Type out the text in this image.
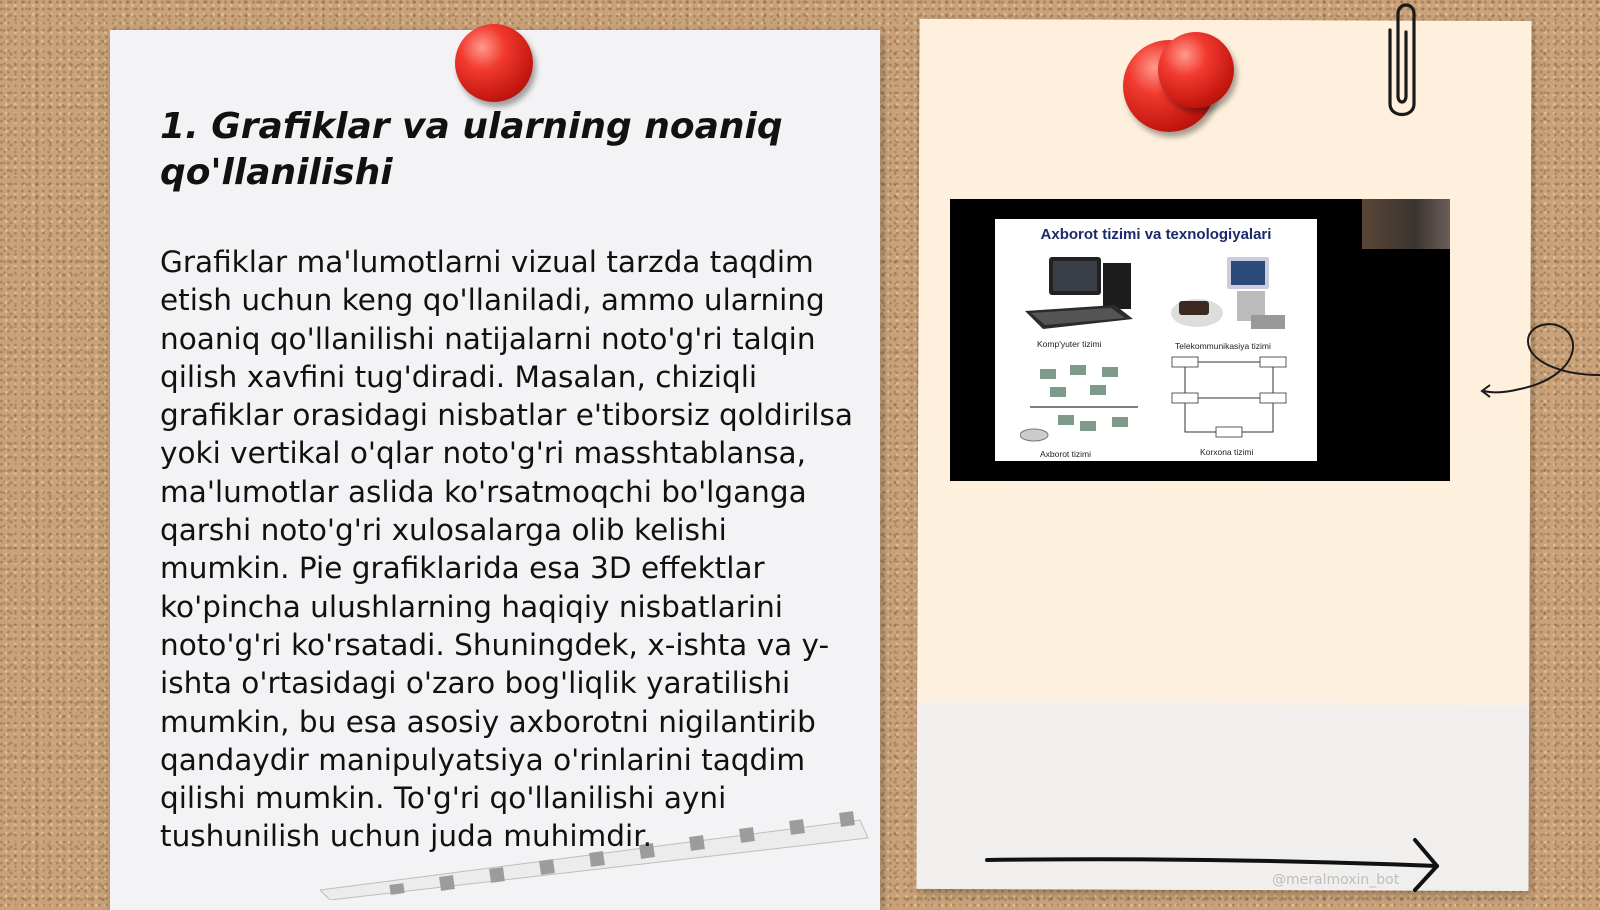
1. Grafiklar va ularning noaniq qo'llanilishi

Grafiklar ma'lumotlarni vizual tarzda taqdim etish uchun keng qo'llaniladi, ammo ularning noaniq qo'llanilishi natijalarni noto'g'ri talqin qilish xavfini tug'diradi. Masalan, chiziqli grafiklar orasidagi nisbatlar e'tiborsiz qoldirilsa yoki vertikal o'qlar noto'g'ri masshtablansa, ma'lumotlar aslida ko'rsatmoqchi bo'lganga qarshi noto'g'ri xulosalarga olib kelishi mumkin. Pie grafiklarida esa 3D effektlar ko'pincha ulushlarning haqiqiy nisbatlarini noto'g'ri ko'rsatadi. Shuningdek, x-ishta va y-ishta o'rtasidagi o'zaro bog'liqlik yaratilishi mumkin, bu esa asosiy axborotni nigilantirib qandaydir manipulyatsiya o'rinlarini taqdim qilishi mumkin. To'g'ri qo'llanilishi ayni tushunilish uchun juda muhimdir.

Axborot tizimi va texnologiyalari
Komp'yuter tizimi	Telekommunikasiya tizimi
Axborot tizimi	Korxona tizimi
@meralmoxin_bot
